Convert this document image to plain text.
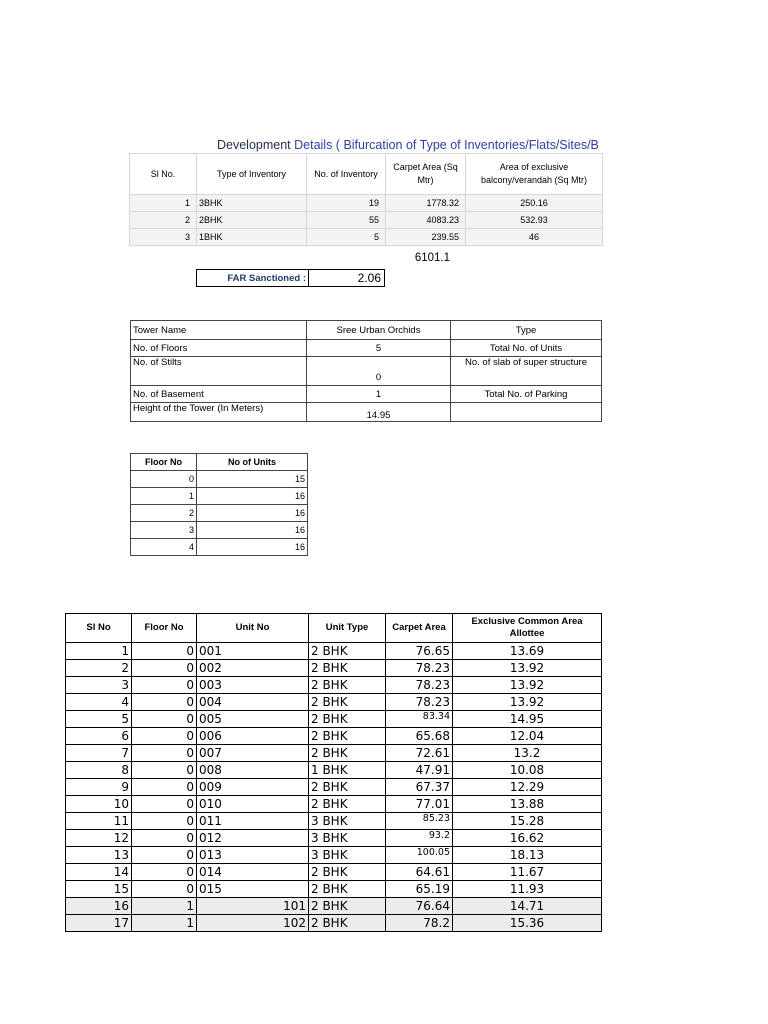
Development Details ( Bifurcation of Type of Inventories/Flats/Sites/B
Sl No.	Type of Inventory	No. of Inventory	Carpet Area (Sq Mtr)	Area of exclusive balcony/verandah (Sq Mtr)
1	3BHK	19	1778.32	250.16
2	2BHK	55	4083.23	532.93
3	1BHK	5	239.55	46
6101.1
FAR Sanctioned :	2.06
Tower Name	Sree Urban Orchids	Type
No. of Floors	5	Total No. of Units
No. of Stilts	0	No. of slab of super structure
No. of Basement	1	Total No. of Parking
Height of the Tower (In Meters)	14.95	
Floor No	No of Units
0	15
1	16
2	16
3	16
4	16
Sl No	Floor No	Unit No	Unit Type	Carpet Area	Exclusive Common Area Allottee
1	0	001	2 BHK	76.65	13.69
2	0	002	2 BHK	78.23	13.92
3	0	003	2 BHK	78.23	13.92
4	0	004	2 BHK	78.23	13.92
5	0	005	2 BHK	83.34	14.95
6	0	006	2 BHK	65.68	12.04
7	0	007	2 BHK	72.61	13.2
8	0	008	1 BHK	47.91	10.08
9	0	009	2 BHK	67.37	12.29
10	0	010	2 BHK	77.01	13.88
11	0	011	3 BHK	85.23	15.28
12	0	012	3 BHK	93.2	16.62
13	0	013	3 BHK	100.05	18.13
14	0	014	2 BHK	64.61	11.67
15	0	015	2 BHK	65.19	11.93
16	1	101	2 BHK	76.64	14.71
17	1	102	2 BHK	78.2	15.36
